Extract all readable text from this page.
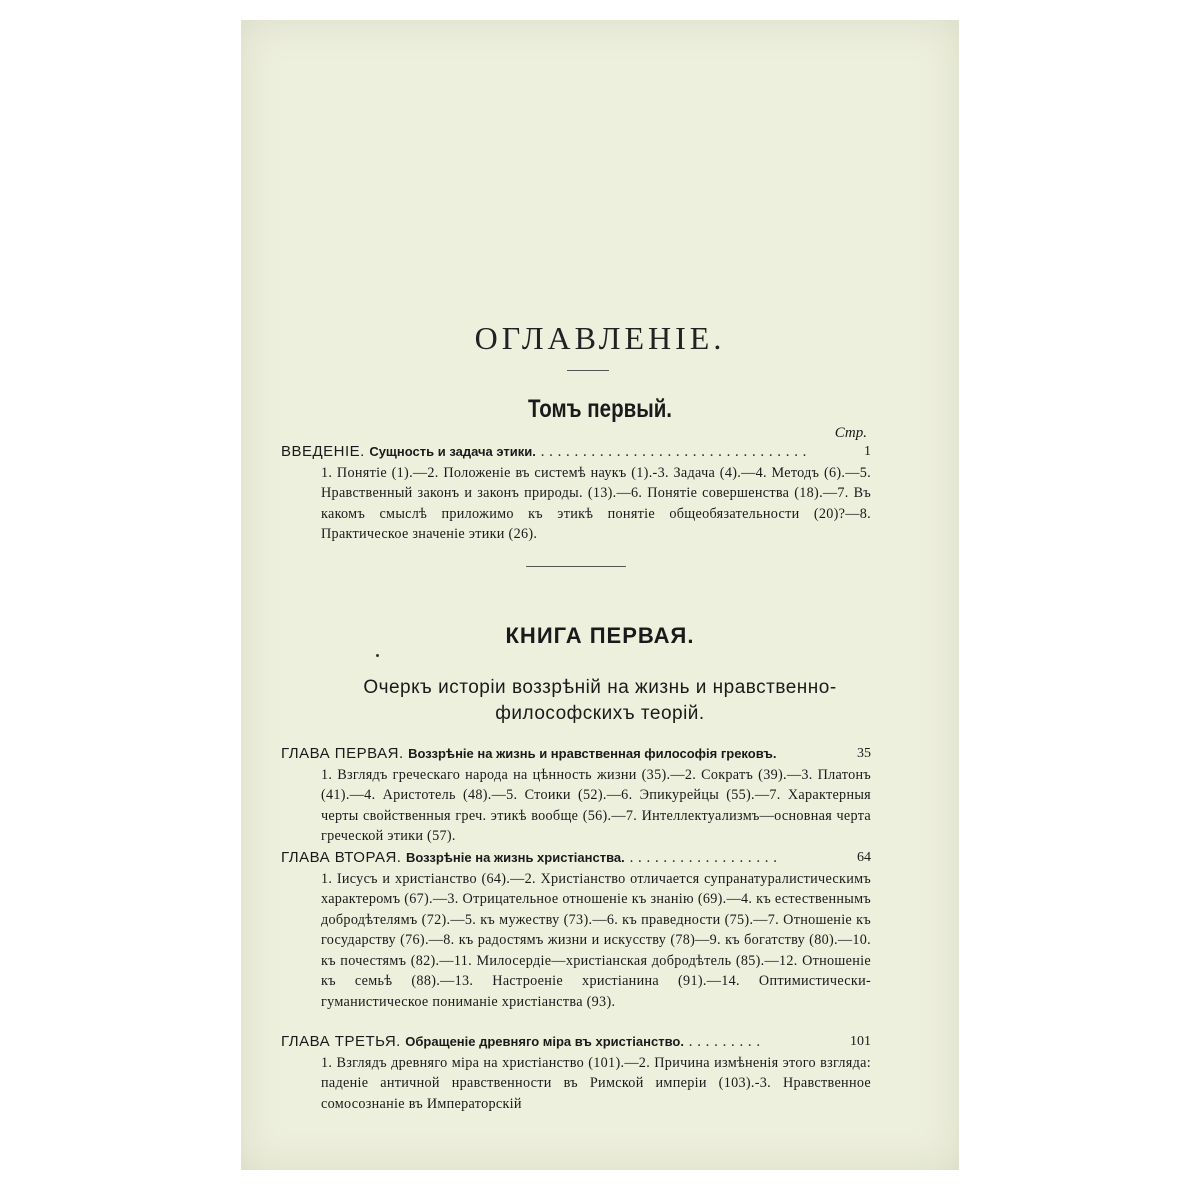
ОГЛАВЛЕНІЕ.
Томъ первый.
Стр.
ВВЕДЕНІЕ. Сущность и задача этики. ................................	1
1. Понятіе (1).—2. Положеніе въ системѣ наукъ (1).-3. Задача (4).—4. Методъ (6).—5. Нравственный законъ и законъ природы. (13).—6. Понятіе совершенства (18).—7. Въ какомъ смыслѣ приложимо къ этикѣ понятіе общеобязательности (20)?—8. Практическое значеніе этики (26).
КНИГА ПЕРВАЯ.
Очеркъ исторіи воззрѣній на жизнь и нравственно-
философскихъ теорій.
ГЛАВА ПЕРВАЯ. Воззрѣніе на жизнь и нравственная философія грековъ.	35
1. Взглядъ греческаго народа на цѣнность жизни (35).—2. Сократъ (39).—3. Платонъ (41).—4. Аристотель (48).—5. Стоики (52).—6. Эпикурейцы (55).—7. Характерныя черты свойственныя греч. этикѣ вообще (56).—7. Интеллектуализмъ—основная черта греческой этики (57).
ГЛАВА ВТОРАЯ. Воззрѣніе на жизнь христіанства. ..................	64
1. Іисусъ и христіанство (64).—2. Христіанство отличается супранатуралистическимъ характеромъ (67).—3. Отрицательное отношеніе къ знанію (69).—4. къ естественнымъ добродѣтелямъ (72).—5. къ мужеству (73).—6. къ праведности (75).—7. Отношеніе къ государству (76).—8. къ радостямъ жизни и искусству (78)—9. къ богатству (80).—10. къ почестямъ (82).—11. Милосердіе—христіанская добродѣтель (85).—12. Отношеніе къ семьѣ (88).—13. Настроеніе христіанина (91).—14. Оптимистически-гуманистическое пониманіе христіанства (93).
ГЛАВА ТРЕТЬЯ. Обращеніе древняго міра въ христіанство. .........	101
1. Взглядъ древняго міра на христіанство (101).—2. Причина измѣненія этого взгляда: паденіе античной нравственности въ Римской имперіи (103).-3. Нравственное сомосознаніе въ Императорскій
